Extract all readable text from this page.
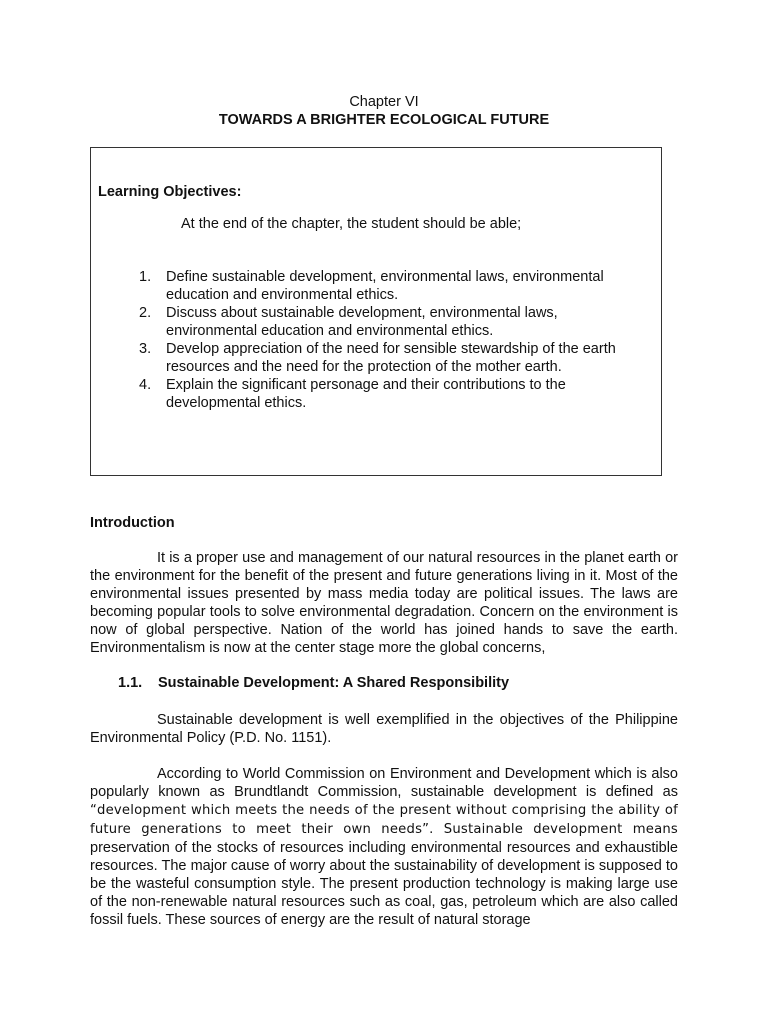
Chapter VI
TOWARDS A BRIGHTER ECOLOGICAL FUTURE
Learning Objectives:
At the end of the chapter, the student should be able;
1. Define sustainable development, environmental laws, environmental
education and environmental ethics.
2. Discuss about sustainable development, environmental laws,
environmental education and environmental ethics.
3. Develop appreciation of the need for sensible stewardship of the earth
resources and the need for the protection of the mother earth.
4. Explain the significant personage and their contributions to the
developmental ethics.
Introduction
It is a proper use and management of our natural resources in the planet earth or the environment for the benefit of the present and future generations living in it. Most of the environmental issues presented by mass media today are political issues. The laws are becoming popular tools to solve environmental degradation. Concern on the environment is now of global perspective. Nation of the world has joined hands to save the earth. Environmentalism is now at the center stage more the global concerns,
1.1. Sustainable Development: A Shared Responsibility
Sustainable development is well exemplified in the objectives of the Philippine Environmental Policy (P.D. No. 1151).
According to World Commission on Environment and Development which is also popularly known as Brundtlandt Commission, sustainable development is defined as “development which meets the needs of the present without comprising the ability of future generations to meet their own needs”. Sustainable development means preservation of the stocks of resources including environmental resources and exhaustible resources. The major cause of worry about the sustainability of development is supposed to be the wasteful consumption style. The present production technology is making large use of the non-renewable natural resources such as coal, gas, petroleum which are also called fossil fuels. These sources of energy are the result of natural storage
